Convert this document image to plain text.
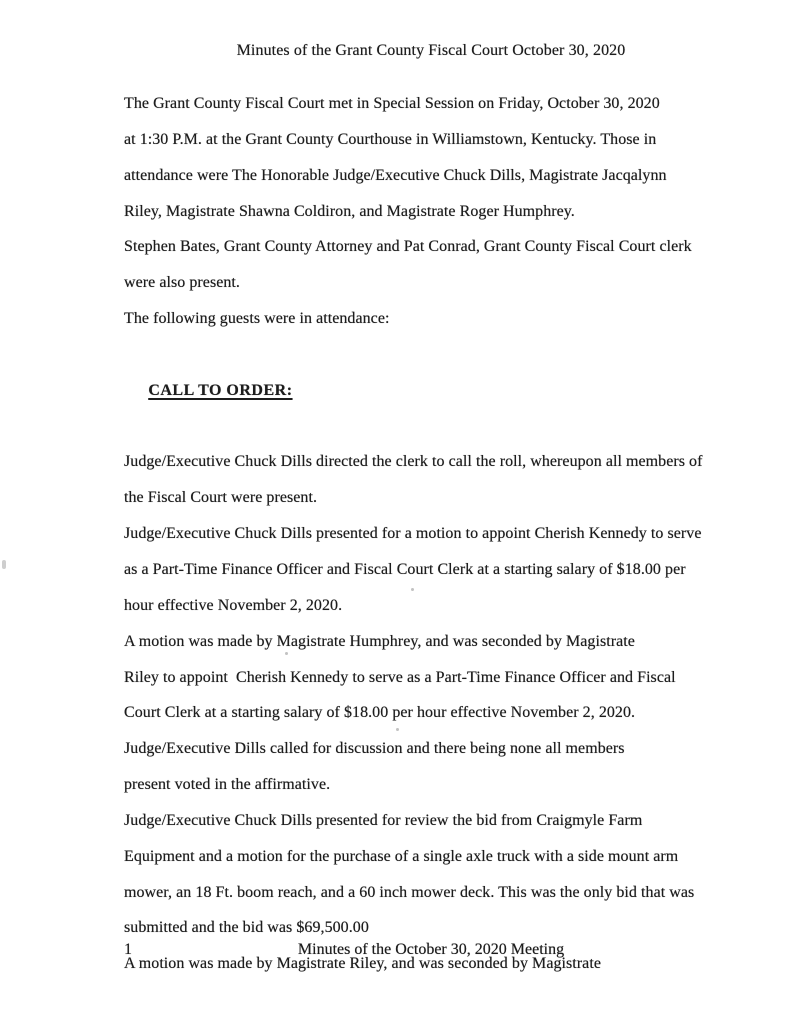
Minutes of the Grant County Fiscal Court October 30, 2020
The Grant County Fiscal Court met in Special Session on Friday, October 30, 2020
at 1:30 P.M. at the Grant County Courthouse in Williamstown, Kentucky. Those in
attendance were The Honorable Judge/Executive Chuck Dills, Magistrate Jacqalynn
Riley, Magistrate Shawna Coldiron, and Magistrate Roger Humphrey.
Stephen Bates, Grant County Attorney and Pat Conrad, Grant County Fiscal Court clerk
were also present.
The following guests were in attendance:

CALL TO ORDER:

Judge/Executive Chuck Dills directed the clerk to call the roll, whereupon all members of
the Fiscal Court were present.
Judge/Executive Chuck Dills presented for a motion to appoint Cherish Kennedy to serve
as a Part-Time Finance Officer and Fiscal Court Clerk at a starting salary of $18.00 per
hour effective November 2, 2020.
A motion was made by Magistrate Humphrey, and was seconded by Magistrate
Riley to appoint  Cherish Kennedy to serve as a Part-Time Finance Officer and Fiscal
Court Clerk at a starting salary of $18.00 per hour effective November 2, 2020.
Judge/Executive Dills called for discussion and there being none all members
present voted in the affirmative.
Judge/Executive Chuck Dills presented for review the bid from Craigmyle Farm
Equipment and a motion for the purchase of a single axle truck with a side mount arm
mower, an 18 Ft. boom reach, and a 60 inch mower deck. This was the only bid that was
submitted and the bid was $69,500.00
A motion was made by Magistrate Riley, and was seconded by Magistrate
1	Minutes of the October 30, 2020 Meeting
